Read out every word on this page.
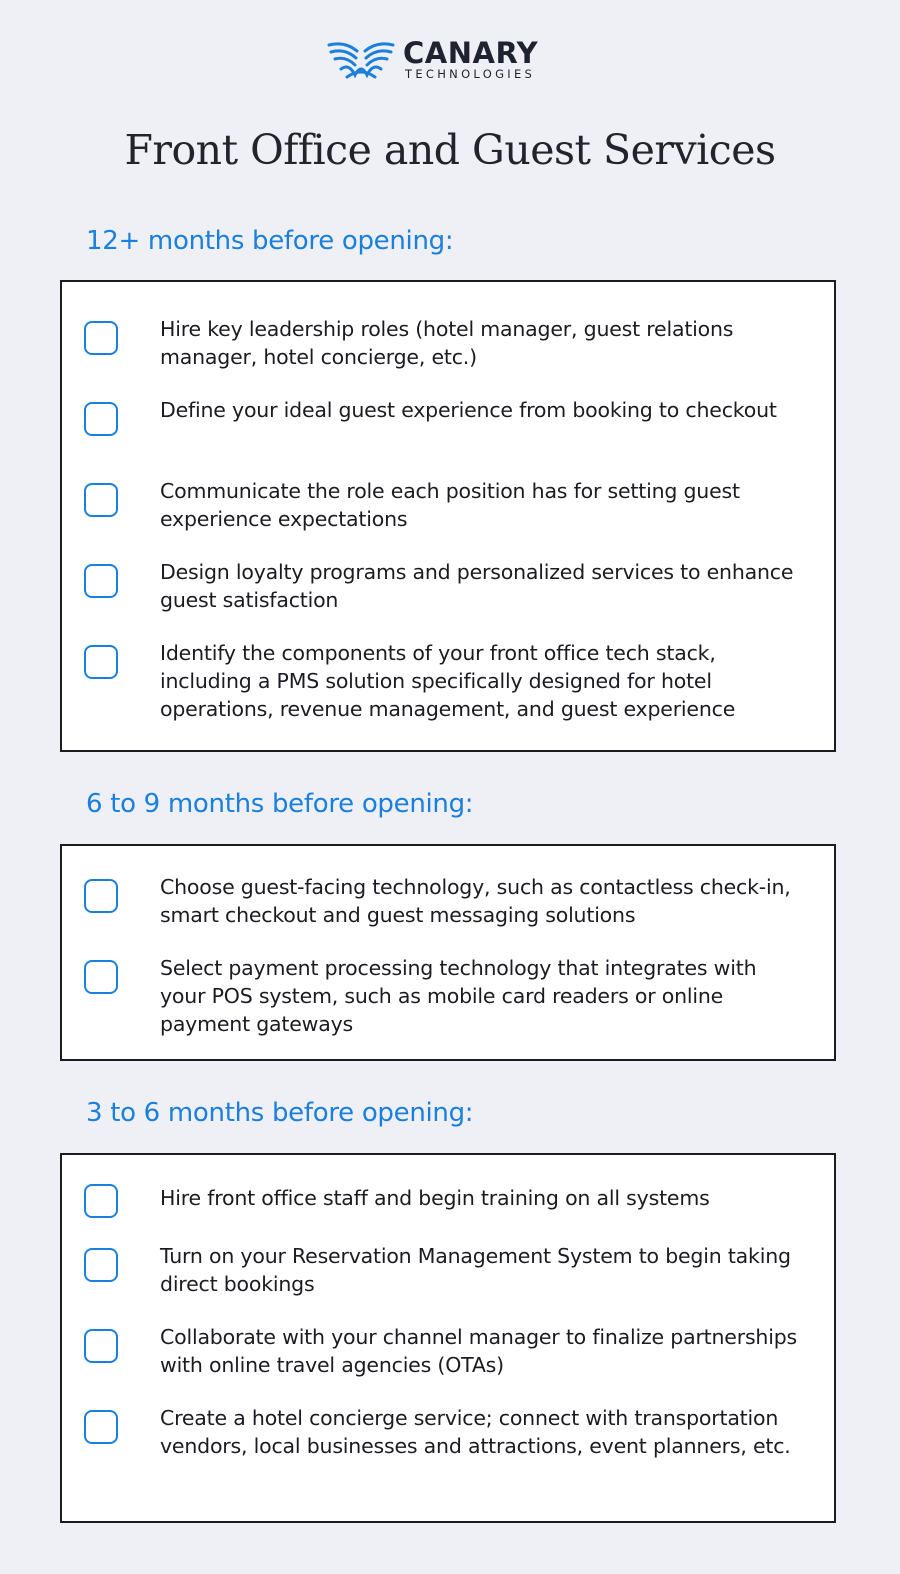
CANARY
TECHNOLOGIES
Front Office and Guest Services
12+ months before opening:
Hire key leadership roles (hotel manager, guest relations manager, hotel concierge, etc.)
Define your ideal guest experience from booking to checkout
Communicate the role each position has for setting guest experience expectations
Design loyalty programs and personalized services to enhance guest satisfaction
Identify the components of your front office tech stack, including a PMS solution specifically designed for hotel operations, revenue management, and guest experience
6 to 9 months before opening:
Choose guest-facing technology, such as contactless check-in, smart checkout and guest messaging solutions
Select payment processing technology that integrates with your POS system, such as mobile card readers or online payment gateways
3 to 6 months before opening:
Hire front office staff and begin training on all systems
Turn on your Reservation Management System to begin taking direct bookings
Collaborate with your channel manager to finalize partnerships with online travel agencies (OTAs)
Create a hotel concierge service; connect with transportation vendors, local businesses and attractions, event planners, etc.
